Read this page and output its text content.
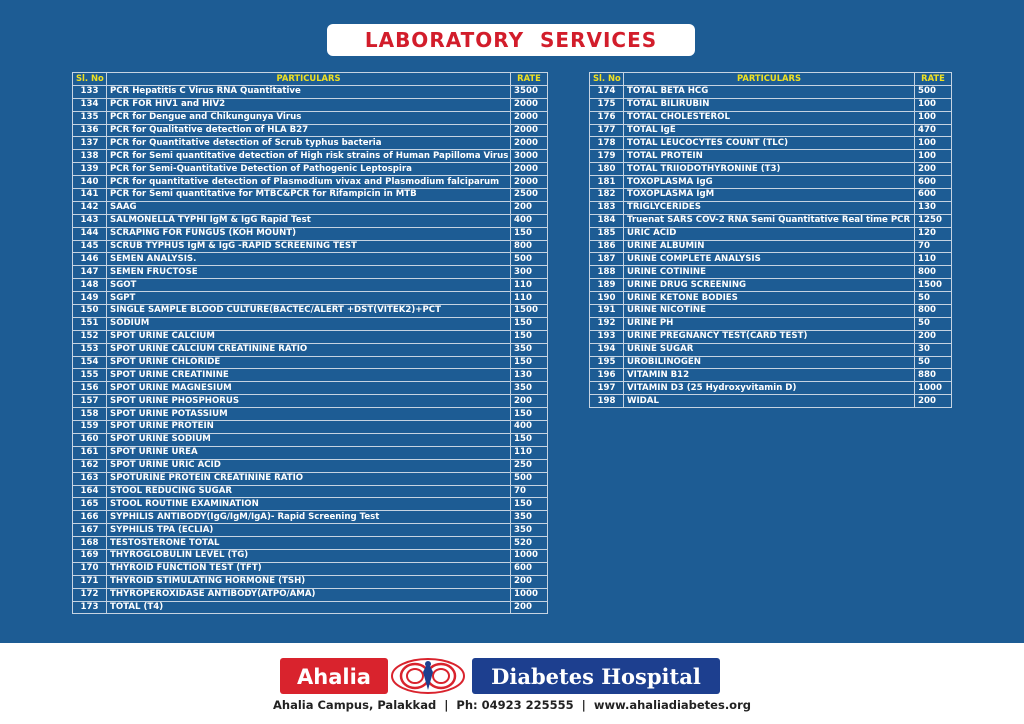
LABORATORY  SERVICES
Sl. No	PARTICULARS	RATE
133	PCR Hepatitis C Virus RNA Quantitative	3500
134	PCR FOR HIV1 and HIV2	2000
135	PCR for Dengue and Chikungunya Virus	2000
136	PCR for Qualitative detection of HLA B27	2000
137	PCR for Quantitative detection of Scrub typhus bacteria	2000
138	PCR for Semi quantitative detection of High risk strains of Human Papilloma Virus	3000
139	PCR for Semi-Quantitative Detection of Pathogenic Leptospira	2000
140	PCR for quantitative detection of Plasmodium vivax and Plasmodium falciparum	2000
141	PCR for Semi quantitative for MTBC&PCR for Rifampicin in MTB	2500
142	SAAG	200
143	SALMONELLA TYPHI IgM & IgG Rapid Test	400
144	SCRAPING FOR FUNGUS (KOH MOUNT)	150
145	SCRUB TYPHUS IgM & IgG -RAPID SCREENING TEST	800
146	SEMEN ANALYSIS.	500
147	SEMEN FRUCTOSE	300
148	SGOT	110
149	SGPT	110
150	SINGLE SAMPLE BLOOD CULTURE(BACTEC/ALERT +DST(VITEK2)+PCT	1500
151	SODIUM	150
152	SPOT URINE CALCIUM	150
153	SPOT URINE CALCIUM CREATININE RATIO	350
154	SPOT URINE CHLORIDE	150
155	SPOT URINE CREATININE	130
156	SPOT URINE MAGNESIUM	350
157	SPOT URINE PHOSPHORUS	200
158	SPOT URINE POTASSIUM	150
159	SPOT URINE PROTEIN	400
160	SPOT URINE SODIUM	150
161	SPOT URINE UREA	110
162	SPOT URINE URIC ACID	250
163	SPOTURINE PROTEIN CREATININE RATIO	500
164	STOOL REDUCING SUGAR	70
165	STOOL ROUTINE EXAMINATION	150
166	SYPHILIS ANTIBODY(IgG/IgM/IgA)- Rapid Screening Test	350
167	SYPHILIS TPA (ECLIA)	350
168	TESTOSTERONE TOTAL	520
169	THYROGLOBULIN LEVEL (TG)	1000
170	THYROID FUNCTION TEST (TFT)	600
171	THYROID STIMULATING HORMONE (TSH)	200
172	THYROPEROXIDASE ANTIBODY(ATPO/AMA)	1000
173	TOTAL (T4)	200
Sl. No	PARTICULARS	RATE
174	TOTAL BETA HCG	500
175	TOTAL BILIRUBIN	100
176	TOTAL CHOLESTEROL	100
177	TOTAL IgE	470
178	TOTAL LEUCOCYTES COUNT (TLC)	100
179	TOTAL PROTEIN	100
180	TOTAL TRIIODOTHYRONINE (T3)	200
181	TOXOPLASMA IgG	600
182	TOXOPLASMA IgM	600
183	TRIGLYCERIDES	130
184	Truenat SARS COV-2 RNA Semi Quantitative Real time PCR	1250
185	URIC ACID	120
186	URINE ALBUMIN	70
187	URINE COMPLETE ANALYSIS	110
188	URINE COTININE	800
189	URINE DRUG SCREENING	1500
190	URINE KETONE BODIES	50
191	URINE NICOTINE	800
192	URINE PH	50
193	URINE PREGNANCY TEST(CARD TEST)	200
194	URINE SUGAR	30
195	UROBILINOGEN	50
196	VITAMIN B12	880
197	VITAMIN D3 (25 Hydroxyvitamin D)	1000
198	WIDAL	200
Ahalia	Diabetes Hospital
Ahalia Campus, Palakkad  |  Ph: 04923 225555  |  www.ahaliadiabetes.org
